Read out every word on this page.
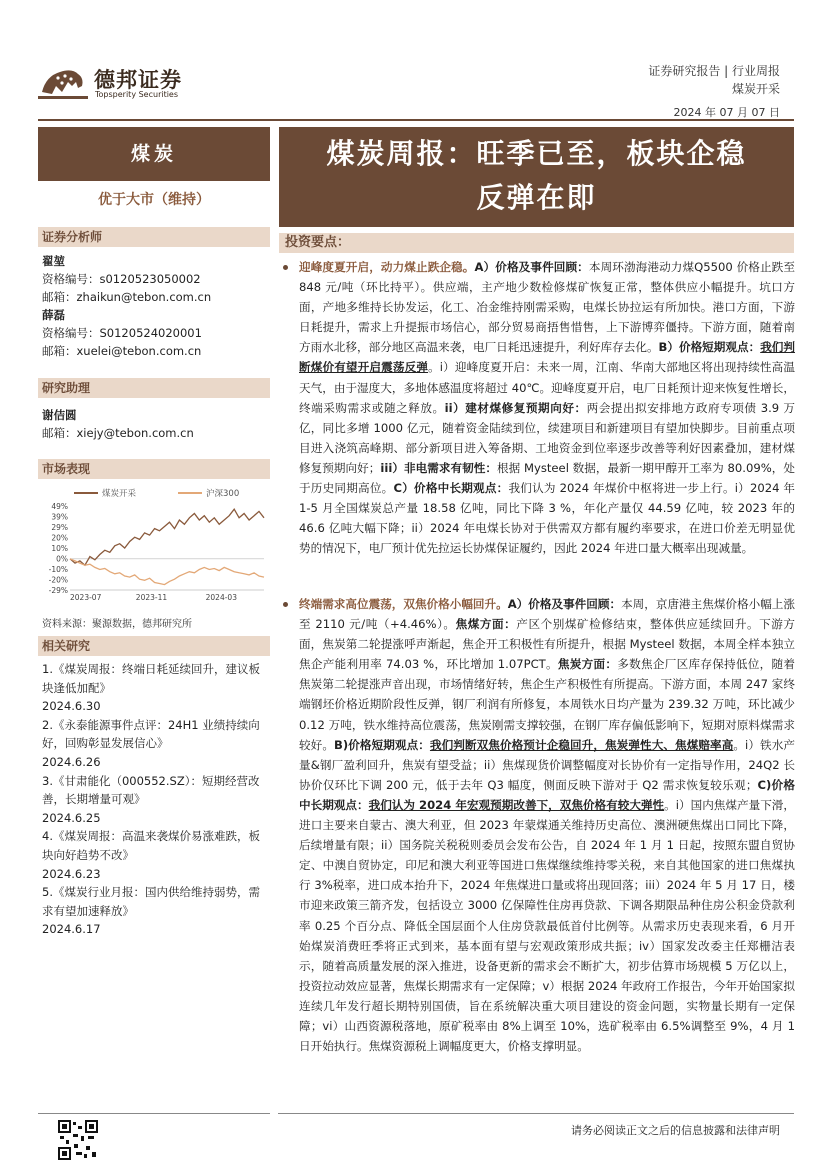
德邦证券
Topsperity Securities
证券研究报告 | 行业周报
煤炭开采
2024 年 07 月 07 日
煤炭
优于大市（维持）
证券分析师
翟堃
资格编号：s0120523050002
邮箱：zhaikun@tebon.com.cn
薛磊
资格编号：S0120524020001
邮箱：xuelei@tebon.com.cn
研究助理
谢佶圆
邮箱：xiejy@tebon.com.cn
市场表现
煤炭开采	沪深300
49%
39%
29%
20%
10%
0%
-10%
-20%
-29%
2023-07	2023-11	2024-03
资料来源：聚源数据，德邦研究所
相关研究
1.《煤炭周报：终端日耗延续回升，建议板块逢低加配》
2024.6.30
2.《永泰能源事件点评：24H1 业绩持续向好，回购彰显发展信心》
2024.6.26
3.《甘肃能化（000552.SZ）：短期经营改善，长期增量可观》
2024.6.25
4.《煤炭周报：高温来袭煤价易涨难跌，板块向好趋势不改》
2024.6.23
5.《煤炭行业月报：国内供给维持弱势，需求有望加速释放》
2024.6.17
煤炭周报：旺季已至，板块企稳
反弹在即
投资要点：
迎峰度夏开启，动力煤止跌企稳。A）价格及事件回顾：本周环渤海港动力煤Q5500 价格止跌至 848 元/吨（环比持平）。供应端，主产地少数检修煤矿恢复正常，整体供应小幅提升。坑口方面，产地多维持长协发运，化工、冶金维持刚需采购，电煤长协拉运有所加快。港口方面，下游日耗提升，需求上升提振市场信心，部分贸易商捂售惜售，上下游博弈僵持。下游方面，随着南方雨水北移，部分地区高温来袭，电厂日耗迅速提升，利好库存去化。B）价格短期观点：我们判断煤价有望开启震荡反弹。i）迎峰度夏开启：未来一周，江南、华南大部地区将出现持续性高温天气，由于湿度大，多地体感温度将超过 40℃。迎峰度夏开启，电厂日耗预计迎来恢复性增长，终端采购需求或随之释放。ii）建材煤修复预期向好：两会提出拟安排地方政府专项债 3.9 万亿，同比多增 1000 亿元，随着资金陆续到位，续建项目和新建项目有望加快脚步。目前重点项目进入浇筑高峰期、部分新项目进入筹备期、工地资金到位率逐步改善等利好因素叠加，建材煤修复预期向好；iii）非电需求有韧性：根据 Mysteel 数据，最新一期甲醇开工率为 80.09%，处于历史同期高位。C）价格中长期观点：我们认为 2024 年煤价中枢将进一步上行。i）2024 年 1-5 月全国煤炭总产量 18.58 亿吨，同比下降 3 %，年化产量仅 44.59 亿吨，较 2023 年的 46.6 亿吨大幅下降；ii）2024 年电煤长协对于供需双方都有履约率要求，在进口价差无明显优势的情况下，电厂预计优先拉运长协煤保证履约，因此 2024 年进口量大概率出现减量。
终端需求高位震荡，双焦价格小幅回升。A）价格及事件回顾：本周，京唐港主焦煤价格小幅上涨至 2110 元/吨（+4.46%）。焦煤方面：产区个别煤矿检修结束，整体供应延续回升。下游方面，焦炭第二轮提涨呼声渐起，焦企开工积极性有所提升，根据 Mysteel 数据，本周全样本独立焦企产能利用率 74.03 %，环比增加 1.07PCT。焦炭方面：多数焦企厂区库存保持低位，随着焦炭第二轮提涨声音出现，市场情绪好转，焦企生产积极性有所提高。下游方面，本周 247 家终端钢坯价格近期阶段性反弹，钢厂利润有所修复，本周铁水日均产量为 239.32 万吨，环比减少 0.12 万吨，铁水维持高位震荡，焦炭刚需支撑较强，在钢厂库存偏低影响下，短期对原料煤需求较好。B)价格短期观点：我们判断双焦价格预计企稳回升，焦炭弹性大、焦煤赔率高。i）铁水产量&钢厂盈利回升，焦炭有望受益；ii）焦煤现货价调整幅度对长协价有一定指导作用，24Q2 长协价仅环比下调 200 元，低于去年 Q3 幅度，侧面反映下游对于 Q2 需求恢复较乐观；C)价格中长期观点：我们认为 2024 年宏观预期改善下，双焦价格有较大弹性。i）国内焦煤产量下滑，进口主要来自蒙古、澳大利亚，但 2023 年蒙煤通关维持历史高位、澳洲硬焦煤出口同比下降，后续增量有限；ii）国务院关税税则委员会发布公告，自 2024 年 1 月 1 日起，按照东盟自贸协定、中澳自贸协定，印尼和澳大利亚等国进口焦煤继续维持零关税，来自其他国家的进口焦煤执行 3%税率，进口成本抬升下，2024 年焦煤进口量或将出现回落；iii）2024 年 5 月 17 日，楼市迎来政策三箭齐发，包括设立 3000 亿保障性住房再贷款、下调各期限品种住房公积金贷款利率 0.25 个百分点、降低全国层面个人住房贷款最低首付比例等。从需求历史表现来看，6 月开始煤炭消费旺季将正式到来，基本面有望与宏观政策形成共振；iv）国家发改委主任郑栅洁表示，随着高质量发展的深入推进，设备更新的需求会不断扩大，初步估算市场规模 5 万亿以上，投资拉动效应显著，焦煤长期需求有一定保障；v）根据 2024 年政府工作报告，今年开始国家拟连续几年发行超长期特别国债，旨在系统解决重大项目建设的资金问题，实物量长期有一定保障；vi）山西资源税落地，原矿税率由 8%上调至 10%，选矿税率由 6.5%调整至 9%，4 月 1 日开始执行。焦煤资源税上调幅度更大，价格支撑明显。
请务必阅读正文之后的信息披露和法律声明
